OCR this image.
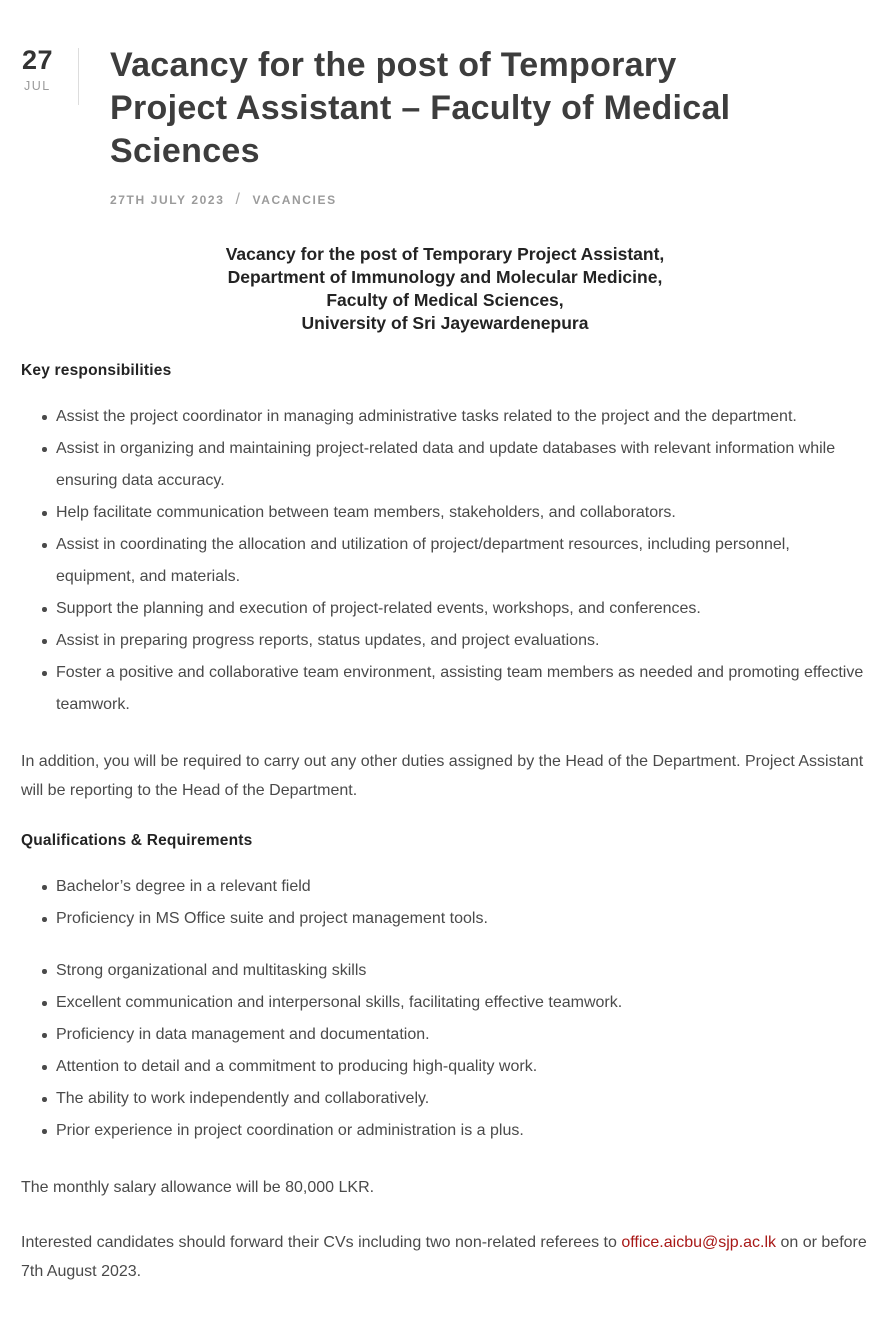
27
JUL
Vacancy for the post of Temporary
Project Assistant – Faculty of Medical
Sciences
27TH JULY 2023 / VACANCIES
Vacancy for the post of Temporary Project Assistant,
Department of Immunology and Molecular Medicine,
Faculty of Medical Sciences,
University of Sri Jayewardenepura
Key responsibilities
Assist the project coordinator in managing administrative tasks related to the project and the department.
Assist in organizing and maintaining project-related data and update databases with relevant information while ensuring data accuracy.
Help facilitate communication between team members, stakeholders, and collaborators.
Assist in coordinating the allocation and utilization of project/department resources, including personnel, equipment, and materials.
Support the planning and execution of project-related events, workshops, and conferences.
Assist in preparing progress reports, status updates, and project evaluations.
Foster a positive and collaborative team environment, assisting team members as needed and promoting effective teamwork.

In addition, you will be required to carry out any other duties assigned by the Head of the Department. Project Assistant will be reporting to the Head of the Department.

Qualifications & Requirements
Bachelor’s degree in a relevant field
Proficiency in MS Office suite and project management tools.
Strong organizational and multitasking skills
Excellent communication and interpersonal skills, facilitating effective teamwork.
Proficiency in data management and documentation.
Attention to detail and a commitment to producing high-quality work.
The ability to work independently and collaboratively.
Prior experience in project coordination or administration is a plus.

The monthly salary allowance will be 80,000 LKR.

Interested candidates should forward their CVs including two non-related referees to office.aicbu@sjp.ac.lk on or before 7th August 2023.
